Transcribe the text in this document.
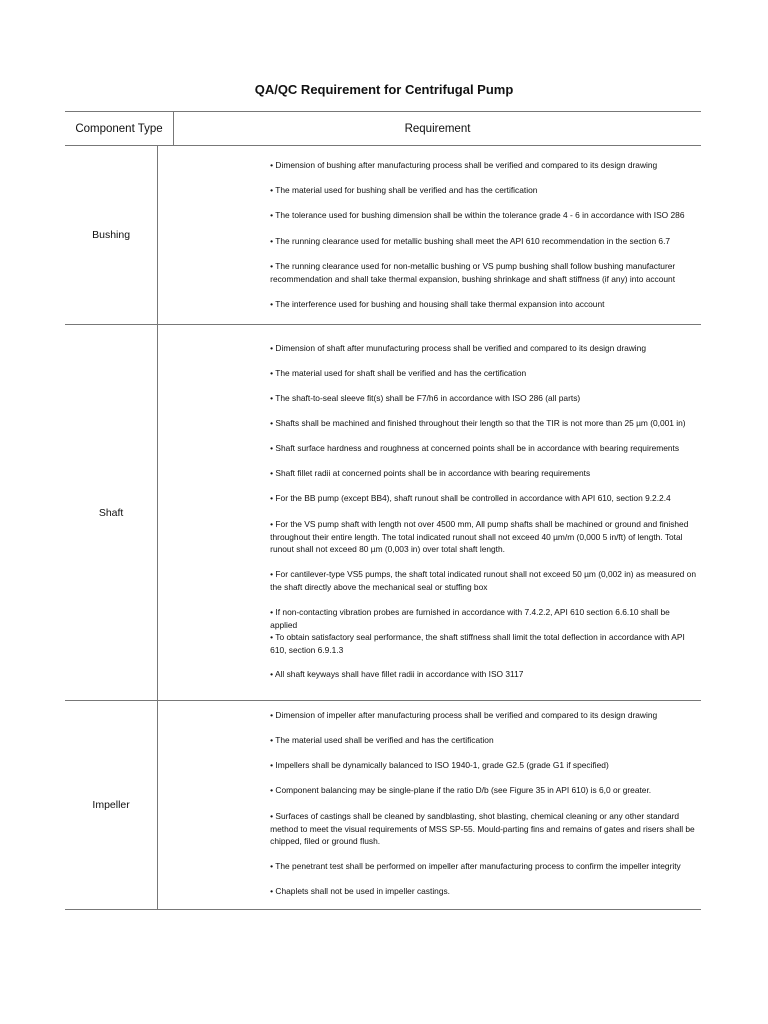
QA/QC Requirement for Centrifugal Pump
Component Type	Requirement
Bushing
• Dimension of bushing after manufacturing process shall be verified and compared to its design drawing
• The material used for bushing shall be verified and has the certification
• The tolerance used for bushing dimension shall be within the tolerance grade 4 - 6 in accordance with ISO 286
• The running clearance used for metallic bushing shall meet the API 610 recommendation in the section 6.7
• The running clearance used for non-metallic bushing or VS pump bushing shall follow bushing manufacturer recommendation and shall take thermal expansion, bushing shrinkage and shaft stiffness (if any) into account
• The interference used for bushing and housing shall take thermal expansion into account
Shaft
• Dimension of shaft after munufacturing process shall be verified and compared to its design drawing
• The material used for shaft shall be verified and has the certification
• The shaft-to-seal sleeve fit(s) shall be F7/h6 in accordance with ISO 286 (all parts)
• Shafts shall be machined and finished throughout their length so that the TIR is not more than 25 µm (0,001 in)
• Shaft surface hardness and roughness at concerned points shall be in accordance with bearing requirements
• Shaft fillet radii at concerned points shall be in accordance with bearing requirements
• For the BB pump (except BB4), shaft runout shall be controlled in accordance with API 610, section 9.2.2.4
• For the VS pump shaft with length not over 4500 mm, All pump shafts shall be machined or ground and finished throughout their entire length. The total indicated runout shall not exceed 40 µm/m (0,000 5 in/ft) of length. Total runout shall not exceed 80 µm (0,003 in) over total shaft length.
• For cantilever-type VS5 pumps, the shaft total indicated runout shall not exceed 50 µm (0,002 in) as measured on the shaft directly above the mechanical seal or stuffing box
• If non-contacting vibration probes are furnished in accordance with 7.4.2.2, API 610 section 6.6.10 shall be applied
• To obtain satisfactory seal performance, the shaft stiffness shall limit the total deflection in accordance with API 610, section 6.9.1.3
• All shaft keyways shall have fillet radii in accordance with ISO 3117
Impeller
• Dimension of impeller after manufacturing process shall be verified and compared to its design drawing
• The material used shall be verified and has the certification
• Impellers shall be dynamically balanced to ISO 1940-1, grade G2.5 (grade G1 if specified)
• Component balancing may be single-plane if the ratio D/b (see Figure 35 in API 610) is 6,0 or greater.
• Surfaces of castings shall be cleaned by sandblasting, shot blasting, chemical cleaning or any other standard method to meet the visual requirements of MSS SP-55. Mould-parting fins and remains of gates and risers shall be chipped, filed or ground flush.
• The penetrant test shall be performed on impeller after manufacturing process to confirm the impeller integrity
• Chaplets shall not be used in impeller castings.
